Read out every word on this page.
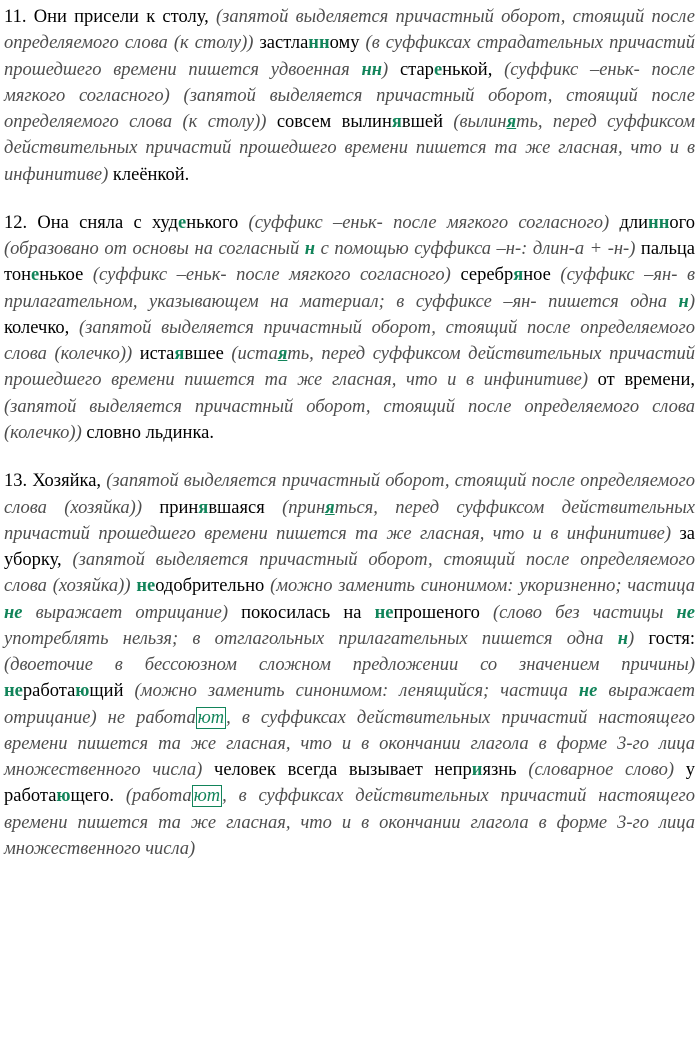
11. Они присели к столу, (запятой выделяется причастный оборот, стоящий после определяемого слова (к столу)) застланному (в суффиксах страдательных причастий прошедшего времени пишется удвоенная нн) старенькой, (суффикс –еньк- после мягкого согласного) (запятой выделяется причастный оборот, стоящий после определяемого слова (к столу)) совсем вылинявшей (вылинять, перед суффиксом действительных причастий прошедшего времени пишется та же гласная, что и в инфинитиве) клеёнкой.

12. Она сняла с худенького (суффикс –еньк- после мягкого согласного) длинного (образовано от основы на согласный н с помощью суффикса –н-: длин-а + -н-) пальца тоненькое (суффикс –еньк- после мягкого согласного) серебряное (суффикс –ян- в прилагательном, указывающем на материал; в суффиксе –ян- пишется одна н) колечко, (запятой выделяется причастный оборот, стоящий после определяемого слова (колечко)) истаявшее (истаять, перед суффиксом действительных причастий прошедшего времени пишется та же гласная, что и в инфинитиве) от времени, (запятой выделяется причастный оборот, стоящий после определяемого слова (колечко)) словно льдинка.

13. Хозяйка, (запятой выделяется причастный оборот, стоящий после определяемого слова (хозяйка)) принявшаяся (приняться, перед суффиксом действительных причастий прошедшего времени пишется та же гласная, что и в инфинитиве) за уборку, (запятой выделяется причастный оборот, стоящий после определяемого слова (хозяйка)) неодобрительно (можно заменить синонимом: укоризненно; частица не выражает отрицание) покосилась на непрошеного (слово без частицы не употреблять нельзя; в отглагольных прилагательных пишется одна н) гостя: (двоеточие в бессоюзном сложном предложении со значением причины) неработающий (можно заменить синонимом: ленящийся; частица не выражает отрицание) не работа ют , в суффиксах действительных причастий настоящего времени пишется та же гласная, что и в окончании глагола в форме 3-го лица множественного числа) человек всегда вызывает неприязнь (словарное слово) у работающего. (работа ют , в суффиксах действительных причастий настоящего времени пишется та же гласная, что и в окончании глагола в форме 3-го лица множественного числа)
